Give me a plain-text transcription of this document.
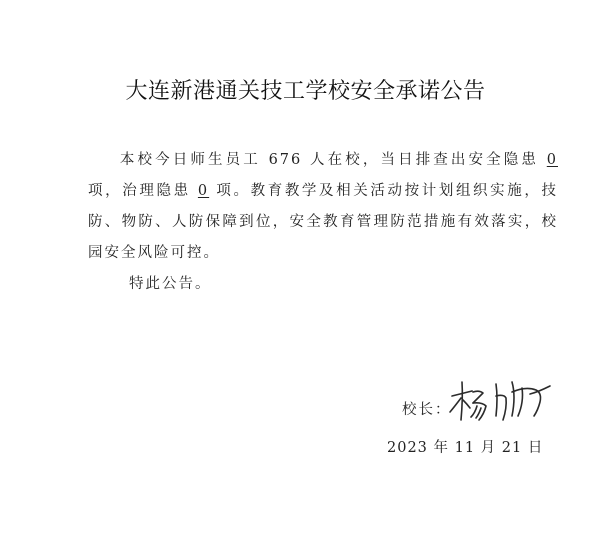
大连新港通关技工学校安全承诺公告

本校今日师生员工 676 人在校，当日排查出安全隐患 0 项，治理隐患 0 项。教育教学及相关活动按计划组织实施，技防、物防、人防保障到位，安全教育管理防范措施有效落实，校园安全风险可控。

特此公告。
校长：
2023 年 11 月 21 日
